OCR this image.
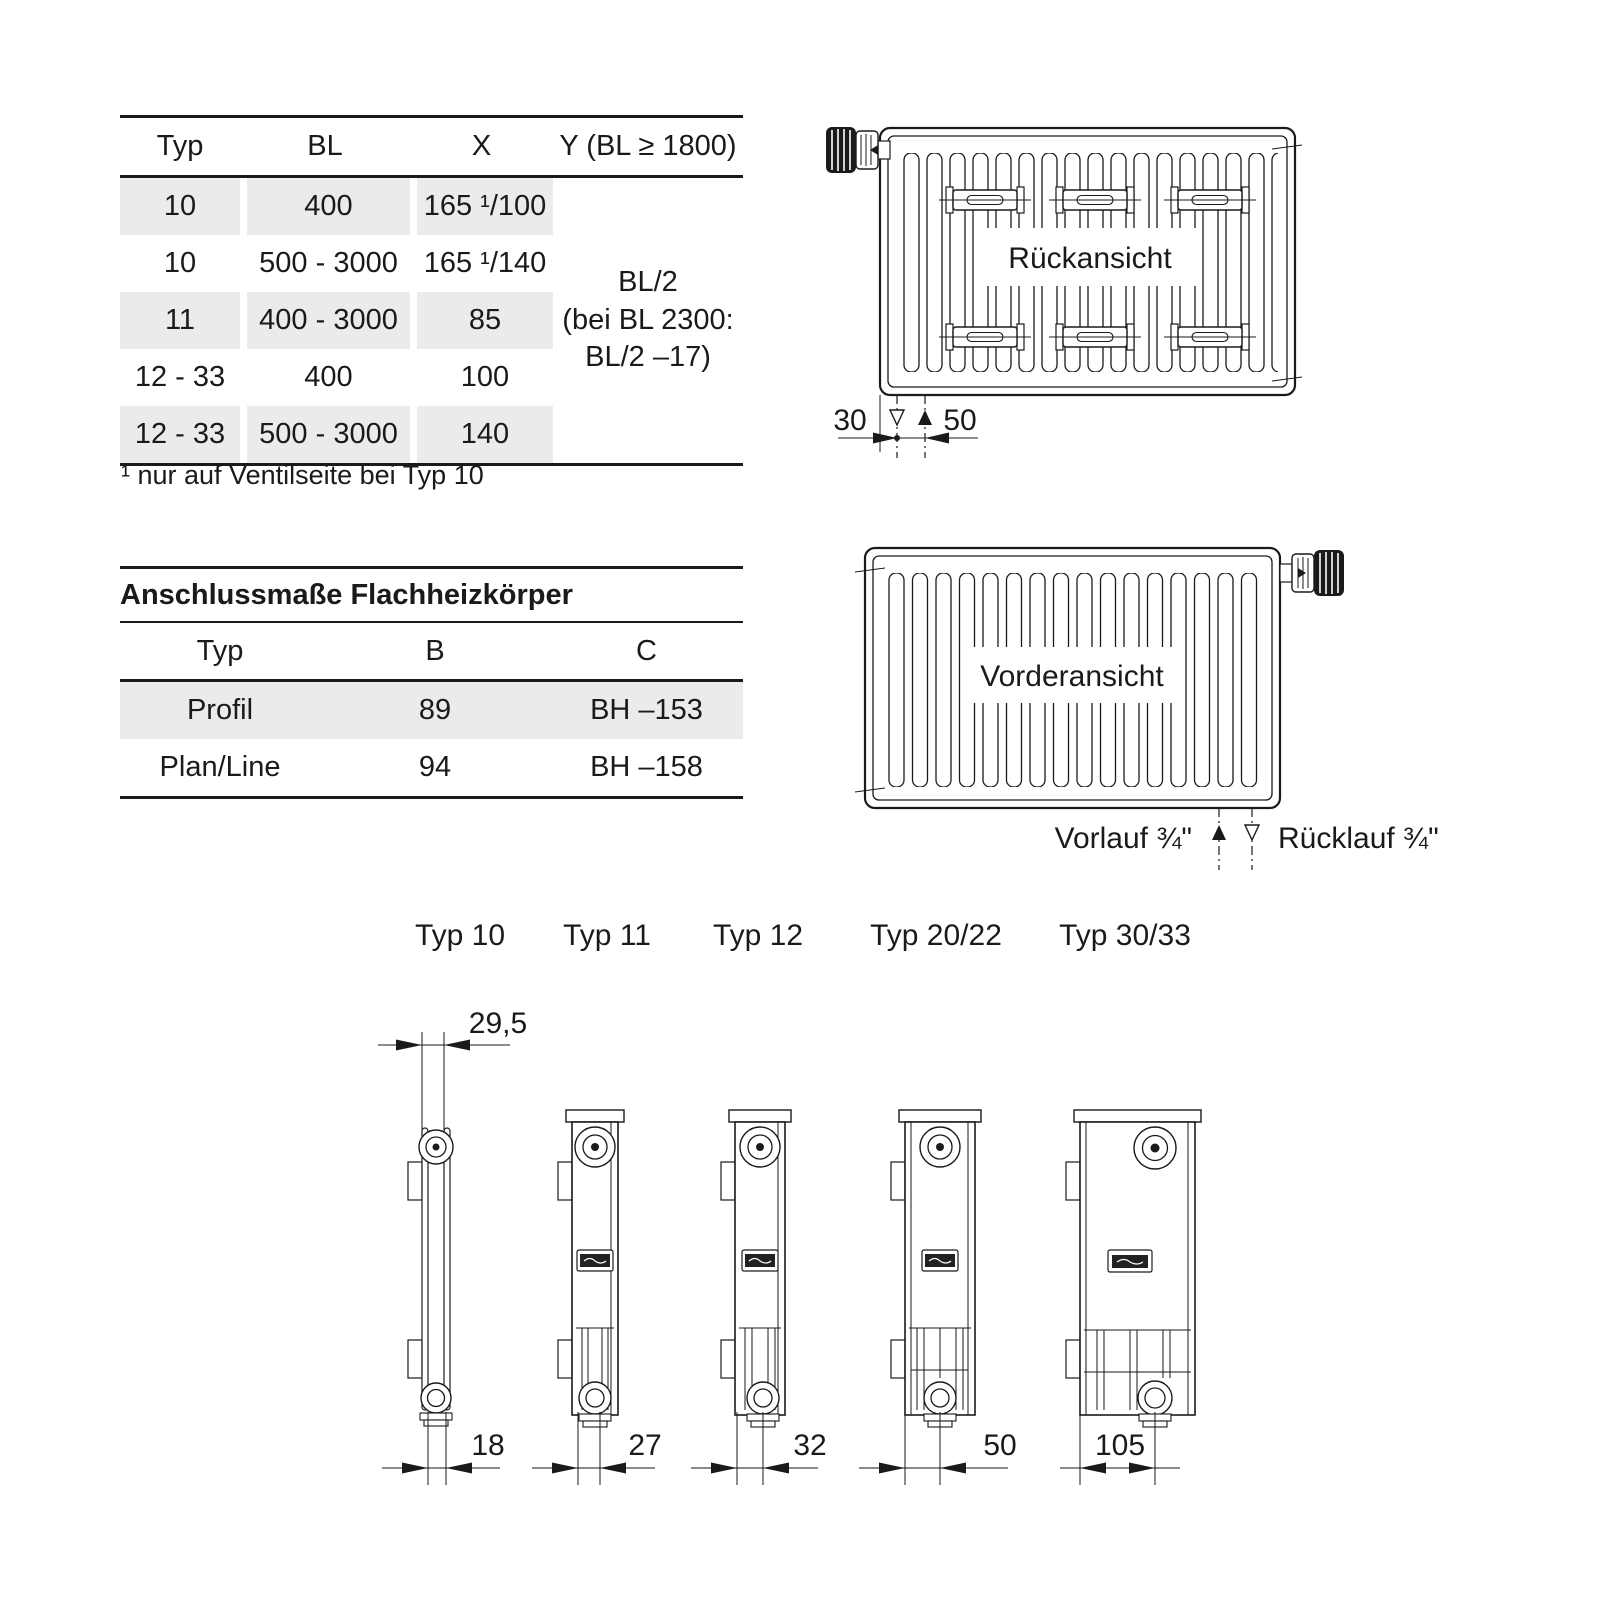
Typ	BL	X	Y (BL ≥ 1800)
10	400	165 ¹/100	BL/2
(bei BL 2300:
BL/2 –17)
10	500 - 3000	165 ¹/140	
11	400 - 3000	85	
12 - 33	400	100	
12 - 33	500 - 3000	140	
¹ nur auf Ventilseite bei Typ 10
Anschlussmaße Flachheizkörper
Typ	B	C
Profil	89	BH –153
Plan/Line	94	BH –158
Rückansicht
30	50
Vorderansicht
Vorlauf ¾"	Rücklauf ¾"
Typ 10 Typ 11 Typ 12 Typ 20/22 Typ 30/33
29,5
18	27	32	50	105
